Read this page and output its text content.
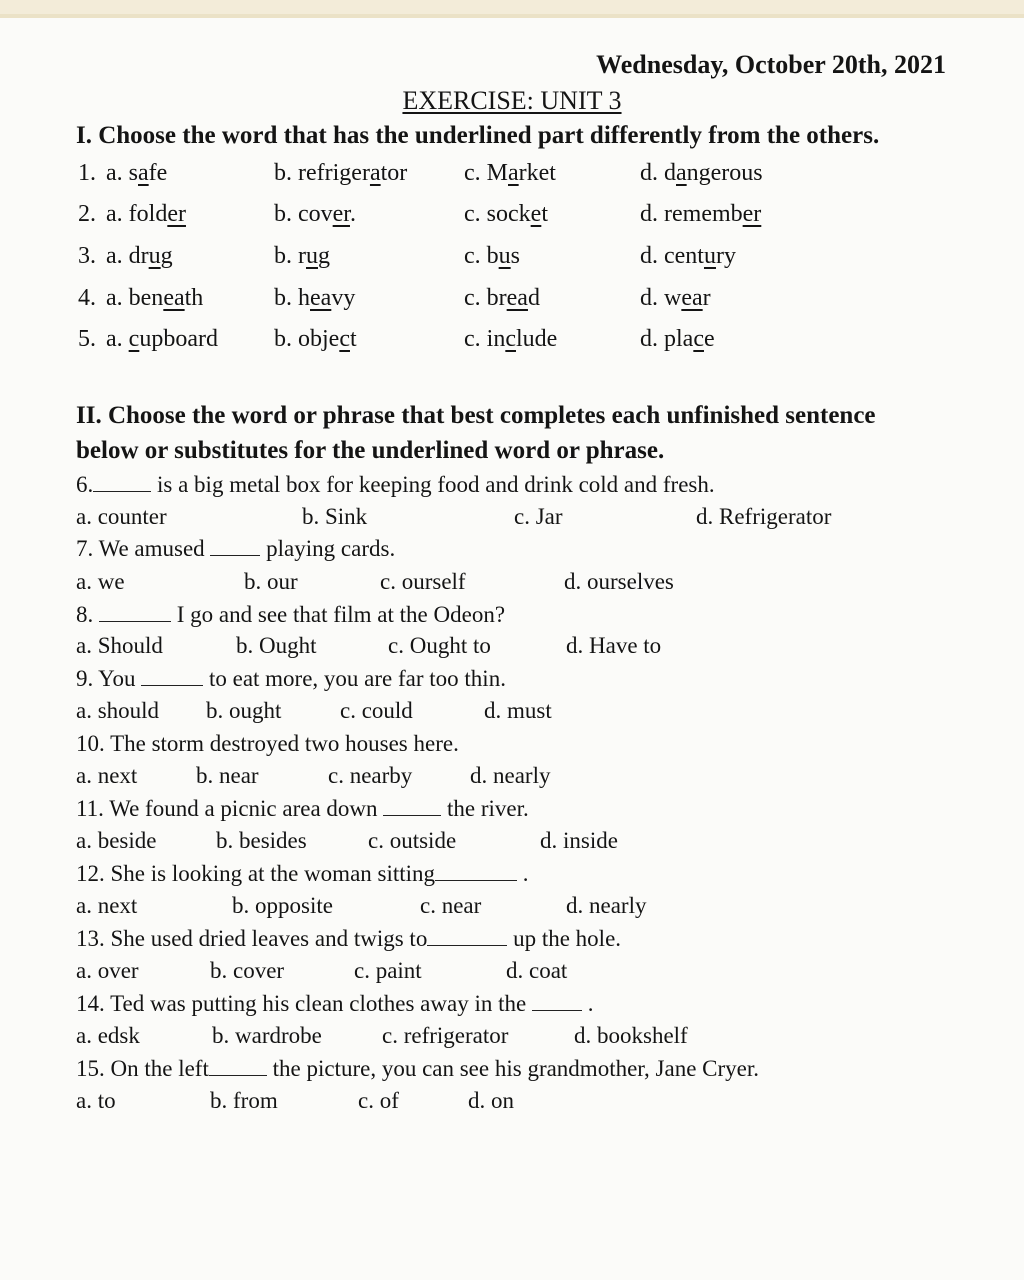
Wednesday, October 20th, 2021
EXERCISE: UNIT 3
I. Choose the word that has the underlined part differently from the others.
1. a. safe	b. refrigerator c. Market	d. dangerous
2. a. folder	b. cover.	c. socket	d. remember
3. a. drug	b. rug	c. bus	d. century
4. a. beneath	b. heavy	c. bread	d. wear
5. a. cupboard b. object	c. include	d. place
II. Choose the word or phrase that best completes each unfinished sentence
below or substitutes for the underlined word or phrase.
6.	is a big metal box for keeping food and drink cold and fresh.
a. counter	b. Sink	c. Jar	d. Refrigerator
7. We amused  playing cards.
a. we	b. our	c. ourself	d. ourselves
8.	I go and see that film at the Odeon?
a. Should	b. Ought	c. Ought to	d. Have to
9. You	to eat more, you are far too thin.
a. should b. ought	c. could	d. must
10. The storm destroyed two houses here.
a. next	b. near	c. nearby	d. nearly
11. We found a picnic area down	the river.
a. beside	b. besides	c. outside	d. inside
12. She is looking at the woman sitting	.
a. next	b. opposite	c. near	d. nearly
13. She used dried leaves and twigs to	up the hole.
a. over	b. cover	c. paint	d. coat
14. Ted was putting his clean clothes away in the  .
a. edsk	b. wardrobe	c. refrigerator	d. bookshelf
15. On the left	the picture, you can see his grandmother, Jane Cryer.
a. to	b. from	c. of	d. on
